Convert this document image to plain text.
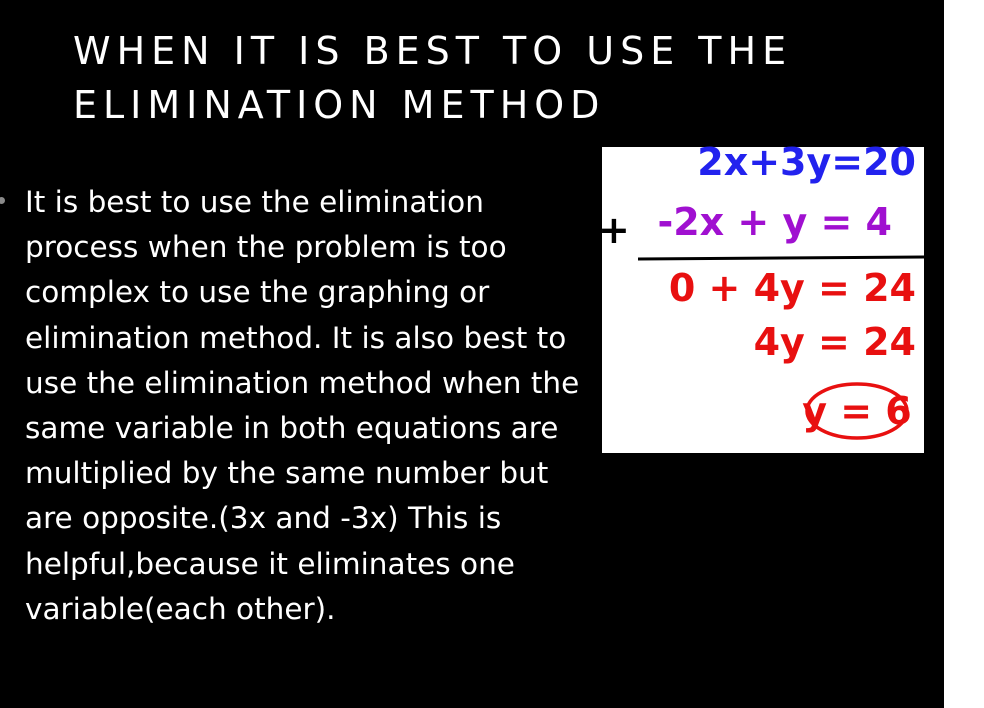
WHEN IT IS BEST TO USE THE
ELIMINATION METHOD

It is best to use the elimination
process when the problem is too
complex to use the graphing or
elimination method. It is also best to
use the elimination method when the
same variable in both equations are
multiplied by the same number but
are opposite.(3x and -3x) This is
helpful,because it eliminates one
variable(each other).

2x+3y=20
+ -2x + y = 4
0 + 4y = 24
4y = 24
y = 6
